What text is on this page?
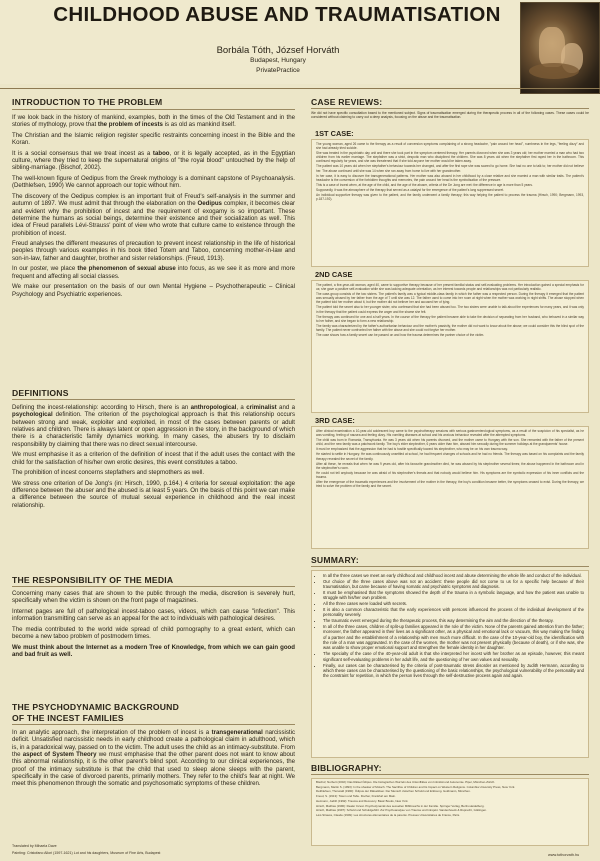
CHILDHOOD ABUSE AND TRAUMATISATION
Borbála Tóth, József Horváth
Budapest, Hungary
PrivatePractice
INTRODUCTION TO THE PROBLEM

If we look back in the history of mankind, examples, both in the times of the Old Testament and in the stories of mythology, prove that the problem of incests is as old as mankind itself.

The Christian and the Islamic religion register specific restraints concerning incest in the Bible and the Koran.

It is a social consensus that we treat incest as a taboo, or it is legally accepted, as in the Egyptian culture, where they tried to keep the supernatural origins of "the royal blood" untouched by the help of sibling-marriage. (Bischof, 2002).

The well-known figure of Oedipus from the Greek mythology is a dominant capstone of Psychoanalysis. (Detthlefsen, 1990) We cannot approach our topic without him.

The discovery of the Oedipus complex is an important fruit of Freud's self-analysis in the summer and autumn of 1897. We must admit that through the elaboration on the Oedipus complex, it becomes clear and evident why the prohibition of incest and the requirement of exogamy is so important. These determine the humans as social beings, determine their existence and their socialization as well. This idea of Freud parallels Lévi-Strauss' point of view who wrote that culture came to existence through the prohibition of incest.

Freud analyses the different measures of precaution to prevent incest relationship in the life of historical peoples through various examples in his book titled Totem and Taboo, concerning mother-in-law and son-in-law, father and daughter, brother and sister relationships. (Freud, 1913).

In our poster, we place the phenomenon of sexual abuse into focus, as we see it as more and more frequent and affecting all social classes.

We make our presentation on the basis of our own Mental Hygiene – Psychotherapeutic – Clinical Psychology and Psychiatric experiences.

DEFINITIONS

Defining the incest-relationship: according to Hirsch, there is an anthropological, a criminalist and a psychological definition. The criterion of the psychological approach is that this relationship occurs between strong and weak, exploiter and exploited, in most of the cases between parents or adult relatives and children. There is always latent or open aggression in the story, in the background of which there is a characteristic family dynamics working. In many cases, the abusers try to disclaim responsibility by claiming that there was no direct sexual intercourse.

We must emphasise it as a criterion of the definition of incest that if the adult uses the contact with the child for the satisfaction of his/her own erotic desires, this event constitutes a taboo.

The prohibition of incest concerns stepfathers and stepmothers as well.

We stress one criterion of De Jong's (in: Hirsch, 1990, p.164.) 4 criteria for sexual exploitation: the age difference between the abuser and the abused is at least 5 years. On the basis of this point we can make a difference between the source of mutual sexual experience in childhood and the real incest relationship.

THE RESPONSIBILITY OF THE MEDIA

Concerning many cases that are shown to the public through the media, discretion is severely hurt, specifically when the victim is shown on the front page of magazines.

Internet pages are full of pathological incest-taboo cases, videos, which can cause "infection". This information transmitting can serve as an appeal for the act to individuals with pathological desires.

The media contributed to the world wide spread of child pornography to a great extent, which can become a new taboo problem of postmodern times.

We must think about the Internet as a modern Tree of Knowledge, from which we can gain good and bad fruit as well.

THE PSYCHODYNAMIC BACKGROUND
OF THE INCEST FAMILIES

In an analytic approach, the interpretation of the problem of incest is a transgenerational narcissistic deficit. Unsatisfied narcissistic needs in early childhood create a pathological claim in adulthood, which is, in a paradoxical way, passed on to the victim. The adult uses the child as an intimacy-substitute. From the aspect of System Theory we must emphasise that the other parent does not want to know about this abnormal relationship, it is the other parent's blind spot. According to our clinical experiences, the proof of the intimacy substitute is that the child that used to sleep alone sleeps with the parent, specifically in the case of divorced parents, primarily mothers. They refer to the child's fear at night. We meet this phenomenon through the somatic and psychosomatic symptoms of these children.

Translated by Mihaela Dave
Painting: Cristofano Allori (1597-1621) Lot and his daughters, Museum of Fine Arts, Budapest
CASE REVIEWS:
We did not have specific consultation based to the mentioned subject. Signs of traumatisation emerged during the therapeutic process in all of the following cases. These cases could be considered without claiming to carry out a deep analysis, focusing on the abuse and the traumatisation.
1ST CASE:

The young woman, aged 26 came to the therapy as a result of conversion symptoms complaining of a strong headache, "pain around her head", numbness in the legs, "feeling dizzy" and she had already tried suicide.

She was treated in the psychiatric day unit and there she took part in the symptom centered therapy. Her parents divorced when she was 3 years old; her mother married a man who had two children from his earlier marriage. The stepfather was a strict, despotic man who disciplined the children. She was 8 years old when the stepfather first raped her in the bathroom. This continued regularly for years, and she was threatened that if she told anyone her mother would be taken away.

The patient was 10 years old when her stepfather's behaviour towards her changed, and after the first rape she was scared to go home. She had no one to talk to; her mother did not believe her. The abuse continued until she was 14 when she ran away from home to live with her grandmother.

In her case, it is easy to discover the transgenerational patterns. Her mother was also abused in her childhood by a close relative and she married a man with similar traits. The patient's headache is the conversion of the forbidden thoughts and memories, the pain around her head is the symbolisation of the pressure.

This is a case of incest when, at the age of the child, and the age of the abuser, criteria of the De Jong are met: the difference in age is more than 5 years.

Supposedly, it was the atmosphere of the therapy that served as a catalyst for the emergence of the patient's long suppressed secret.

An individual supportive therapy was given to the patient, and the family underwent a family therapy; this way helping the patient to process the trauma (Hirsch, 1990; Bergmann, 1993, p.187-192).

2ND CASE

The patient, a five-year-old woman, aged 40, came to supportive therapy because of her present familial status and self-evaluating problems. Her introduction gained a special emphasis for us; she gave a positive self-evaluation while she was lacking adequate orientation, as her interest towards people and relationships was not particularly realistic.

The case-group consists of the two sisters. The patient's family was a typical middle-class family in which the father was a respected person. During the therapy it emerged that the patient was sexually abused by her father from the age of 7 until she was 12. The father used to come into her room at night when the mother was working in night shifts. The abuse stopped when the patient told her mother about it, but the mother did not believe her and accused her of lying.

The patient told the secret also to her younger sister, who confessed that she had been abused too. The two sisters were unable to talk about the experiences for many years, and it was only in the therapy that the patient could express the anger and the shame she felt.

The therapy was continued for one and a half years. In the course of the therapy the patient became able to take the decision of separating from her husband, who behaved in a similar way to her father, and she began to form a new relationship.

The family was characterized by the father's authoritarian behaviour and the mother's passivity, the mother did not want to know about the abuse; we could consider this the blind spot of the family. The patient never confronted her father with the abuse and she could not forgive her mother.

The case shows how a family secret can be passed on and how the trauma determines the partner choice of the victim.

3RD CASE:

After clinical examination a 10-year-old adolescent boy came to the psychotherapy sessions with serious gastroenterological symptoms, as a result of the suspicion of his specialist, as he was vomiting, feeling of nausea and feeling dizzy. His vomiting diseases at school and his anxious behaviour revealed after the attempted symptoms.

The child was born in Romania, Transylvania. He was 3 years old when his parents divorced, and the mother came to Hungary with the son. She remarried with the father of the present child, and the new family was a patchwork family. The boy's elder stepbrother, 6 years older than him, abused him sexually during the summer holidays at the grandparents' house.

It must be emphasized that the aggression that he had is hostile specifically toward his stepbrother, who may be on his own trauma way.

He started to settle in Hungary. He was continuously unsettled at school, he had frequent changes of schools and he had no friends. The therapy was based on his complaints and the family therapy revealed the secret of the family.

After all these, he reveals that when he was 9 years old, after his favourite grandmother died, he was abused by his stepbrother several times; the abuse happened in the bathroom and in the stepbrother's room.

He could not tell anybody because he was afraid of his stepbrother's threats and that nobody would believe him. His symptoms are the symbolic expression of his inner conflicts and the trauma.

After the emergence of the traumatic experiences and the involvement of the mother in the therapy, the boy's condition became better, the symptoms ceased to exist. During the therapy, we tried to solve the problem of the family and the secret.

SUMMARY:
• In all the three cases we meet an early childhood and childhood incest and abuse determining the whole life and conduct of the individual.
• Our choice of the three cases above was not an accident: these people did not come to us for a specific help because of their traumatisation, but came because of having somatic and psychiatric symptoms and diagnosis.
• It must be emphasised that the symptoms showed the depth of the trauma in a symbolic language, and how the patient was unable to struggle with his/her own problem.
• All the three cases were loaded with secrets.
• It is also a common characteristic that the early experiences with persons influenced the process of the individual development of the personality severely.
• The traumatic event emerged during the therapeutic process, this way determining the aim and the direction of the therapy.
• In all of the three cases, children of split-up families appeared in the role of the victim. None of the parents gained attention from the father; moreover, the father appeared in their lives as a significant other, as a physical and emotional lack or vacuum, this way making the finding of a partner and the establishment of a relationship with men much more difficult. In the case of the 10-year-old boy, the identification with the role of a man was aggravated. In the case of the women, the mother was not present physically (because of death), or if she was, she was unable to show proper emotional support and strengthen the female identity in her daughter.
• The specialty of the case of the 40-year-old adult is that she interpreted her incest with her brother as an episode, however, this meant significant self-evaluating problems in her adult life, and the questioning of her own values and sexuality.
• Finally, our cases can be characterised by the criteria of post-traumatic stress disorder as mentioned by Judith Hermann, according to which these cases can be characterised by the questioning of the basic relationships, the psychological vulnerability of the personality and the constraint for repetition, in which the person lives through the self-destructive process again and again.
BIBLIOGRAPHY:

Bischof, Norbert (2002): Das Rätsel Ödipus. Die biologischen Wurzeln des Urkonfliktes von Intimität und Autonomie. Piper, München-Zürich.

Bergmann, Martin S. (1993): In the shadow of Moloch. The Sacrifice of Children and Its Impact on Western Religions. Columbia University Press, New York.

Detthlefsen, Thorwald (1990): Ödipus der Rätsellöser. Der Mensch zwischen Schuld und Erlösung. Goldmann, München.

Freud, S. (1913): Totem und Tabu. Fischer, Frankfurt am Main.

Hermann, Judith (1992): Trauma and Recovery. Basic Books, New York.

Hirsch, Mathias (1990): Realer Inzest. Psychodynamik des sexuellen Mißbrauchs in der Familie. Springer Verlag, Berlin-Heidelberg.

Hirsch, Mathias (1997): Schuld und Schuldgefühl. Zur Psychoanalyse von Trauma und Introjekt. Vandenhoeck & Ruprecht, Göttingen.

Lévi-Strauss, Claude (1949): Les structures élémentaires de la parenté. Presses Universitaires de France, Paris.

www.tothorvath.hu
